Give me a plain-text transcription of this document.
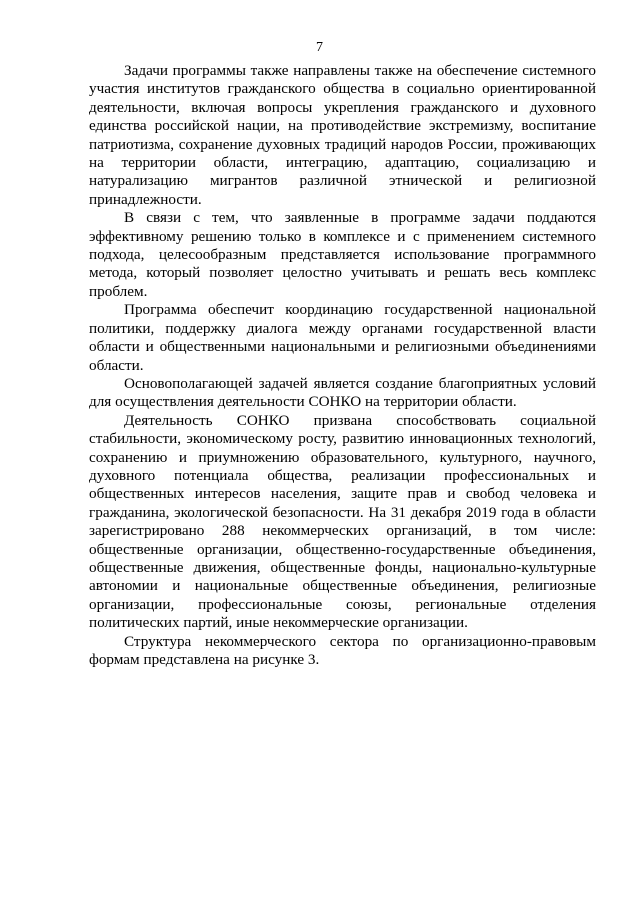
7

Задачи программы также направлены также на обеспечение системного участия институтов гражданского общества в социально ориентированной деятельности, включая вопросы укрепления гражданского и духовного единства российской нации, на противодействие экстремизму, воспитание патриотизма, сохранение духовных традиций народов России, проживающих на территории области, интеграцию, адаптацию, социализацию и натурализацию мигрантов различной этнической и религиозной принадлежности.

В связи с тем, что заявленные в программе задачи поддаются эффективному решению только в комплексе и с применением системного подхода, целесообразным представляется использование программного метода, который позволяет целостно учитывать и решать весь комплекс проблем.

Программа обеспечит координацию государственной национальной политики, поддержку диалога между органами государственной власти области и общественными национальными и религиозными объединениями области.

Основополагающей задачей является создание благоприятных условий для осуществления деятельности СОНКО на территории области.

Деятельность СОНКО призвана способствовать социальной стабильности, экономическому росту, развитию инновационных технологий, сохранению и приумножению образовательного, культурного, научного, духовного потенциала общества, реализации профессиональных и общественных интересов населения, защите прав и свобод человека и гражданина, экологической безопасности. На 31 декабря 2019 года в области зарегистрировано 288 некоммерческих организаций, в том числе: общественные организации, общественно-государственные объединения, общественные движения, общественные фонды, национально-культурные автономии и национальные общественные объединения, религиозные организации, профессиональные союзы, региональные отделения политических партий, иные некоммерческие организации.

Структура некоммерческого сектора по организационно-правовым формам представлена на рисунке 3.
